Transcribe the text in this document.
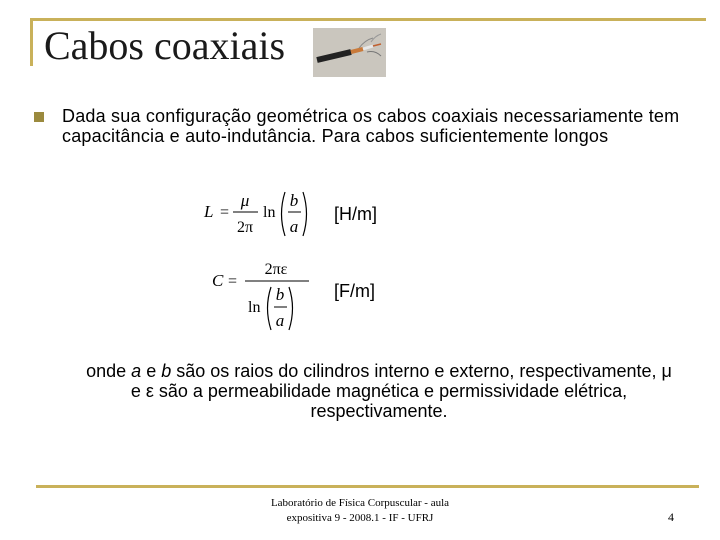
Cabos coaxiais
Dada sua configuração geométrica os cabos coaxiais necessariamente tem capacitância e auto-indutância. Para cabos suficientemente longos
L =
μ
2π
ln
b
a
[H/m]
C =
2πε
ln
b
a
[F/m]
onde a e b são os raios do cilindros interno e externo, respectivamente, μ e ε são a permeabilidade magnética e permissividade elétrica, respectivamente.
Laboratório de Física Corpuscular - aula
expositiva 9 - 2008.1 - IF - UFRJ	4
